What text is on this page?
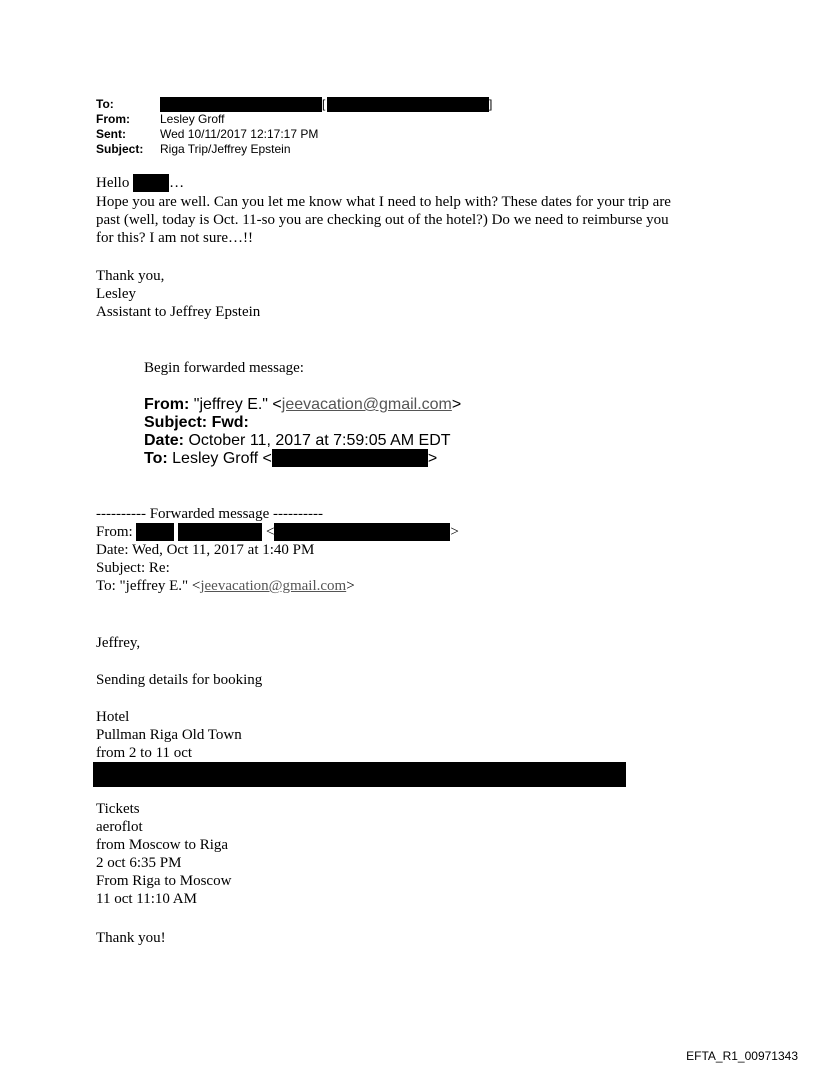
To:	[	]
From:	Lesley Groff
Sent:	Wed 10/11/2017 12:17:17 PM
Subject: Riga Trip/Jeffrey Epstein
Hello	…
Hope you are well. Can you let me know what I need to help with? These dates for your trip are
past (well, today is Oct. 11-so you are checking out of the hotel?) Do we need to reimburse you
for this? I am not sure…!!
Thank you,
Lesley
Assistant to Jeffrey Epstein
Begin forwarded message:
From: "jeffrey E." <jeevacation@gmail.com>
Subject: Fwd:
Date: October 11, 2017 at 7:59:05 AM EDT
To: Lesley Groff <	>
---------- Forwarded message ----------
From:	<	>
Date: Wed, Oct 11, 2017 at 1:40 PM
Subject: Re:
To: "jeffrey E." <jeevacation@gmail.com>
Jeffrey,
Sending details for booking
Hotel
Pullman Riga Old Town
from 2 to 11 oct
Tickets
aeroflot
from Moscow to Riga
2 oct 6:35 PM
From Riga to Moscow
11 oct 11:10 AM
Thank you!
EFTA_R1_00971343
